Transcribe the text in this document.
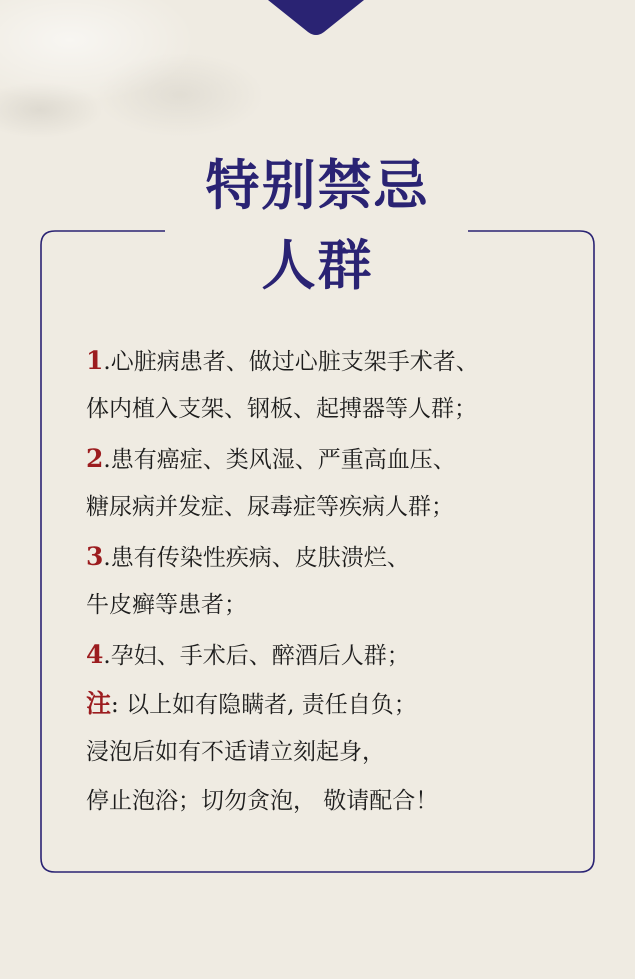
特别禁忌
人群
1.心脏病患者、做过心脏支架手术者、
体内植入支架、钢板、起搏器等人群；
2.患有癌症、类风湿、严重高血压、
糖尿病并发症、尿毒症等疾病人群；
3.患有传染性疾病、皮肤溃烂、
牛皮癣等患者；
4.孕妇、手术后、醉酒后人群；
注: 以上如有隐瞒者, 责任自负；
浸泡后如有不适请立刻起身，
停止泡浴；切勿贪泡， 敬请配合！
